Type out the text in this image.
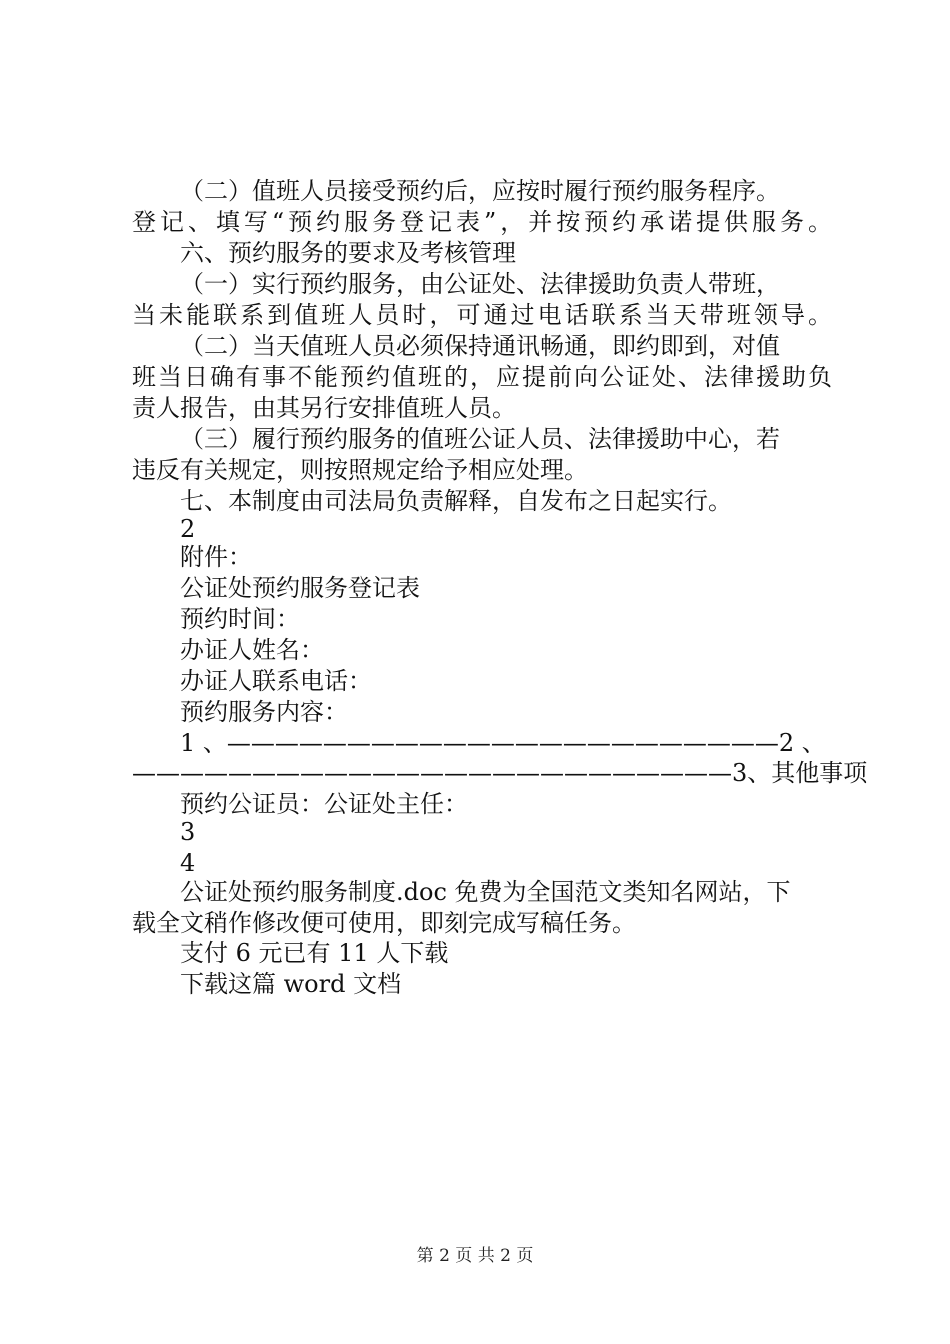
（二）值班人员接受预约后，应按时履行预约服务程序。
登记、填写“预约服务登记表”，并按预约承诺提供服务。
六、预约服务的要求及考核管理
（一）实行预约服务，由公证处、法律援助负责人带班，
当未能联系到值班人员时，可通过电话联系当天带班领导。
（二）当天值班人员必须保持通讯畅通，即约即到，对值
班当日确有事不能预约值班的，应提前向公证处、法律援助负
责人报告，由其另行安排值班人员。
（三）履行预约服务的值班公证人员、法律援助中心，若
违反有关规定，则按照规定给予相应处理。
七、本制度由司法局负责解释，自发布之日起实行。
2
附件：
公证处预约服务登记表
预约时间：
办证人姓名：
办证人联系电话：
预约服务内容：
1 、———————————————————————2 、
—————————————————————————3、其他事项
预约公证员：公证处主任：
3
4
公证处预约服务制度.doc 免费为全国范文类知名网站，下
载全文稍作修改便可使用，即刻完成写稿任务。
支付 6 元已有 11 人下载
下载这篇 word 文档
第 2 页 共 2 页
